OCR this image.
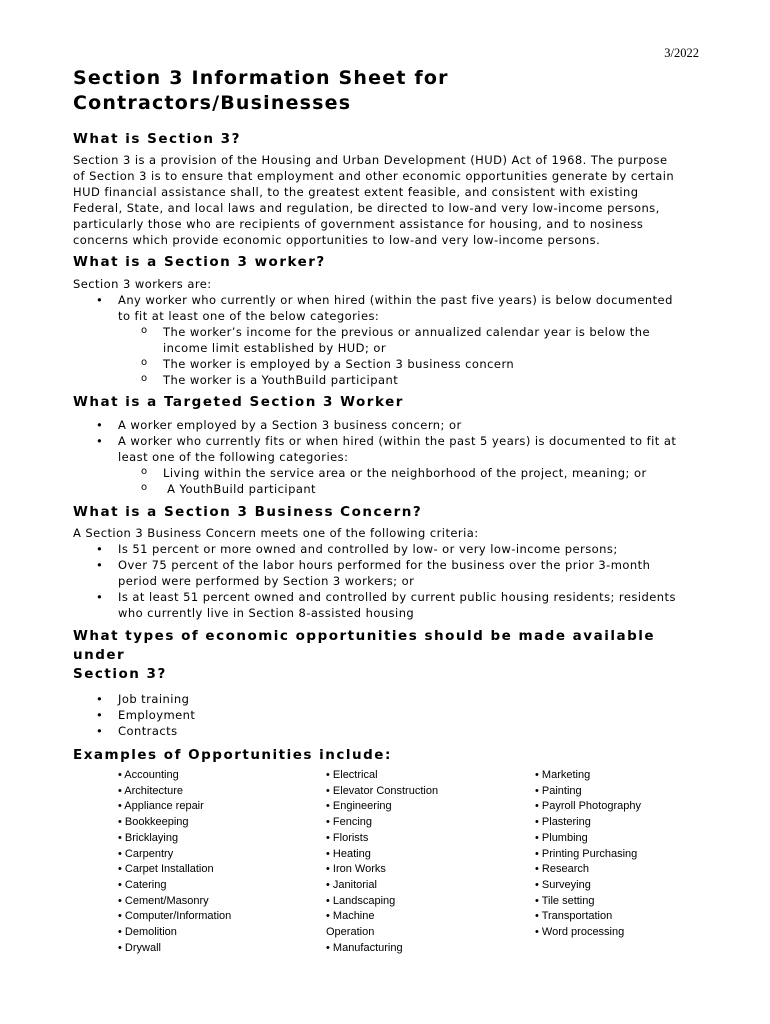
3/2022
Section 3 Information Sheet for
Contractors/Businesses
What is Section 3?

Section 3 is a provision of the Housing and Urban Development (HUD) Act of 1968. The purpose
of Section 3 is to ensure that employment and other economic opportunities generate by certain
HUD financial assistance shall, to the greatest extent feasible, and consistent with existing
Federal, State, and local laws and regulation, be directed to low-and very low-income persons,
particularly those who are recipients of government assistance for housing, and to nosiness
concerns which provide economic opportunities to low-and very low-income persons.

What is a Section 3 worker?

Section 3 workers are:

• Any worker who currently or when hired (within the past five years) is below documented
to fit at least one of the below categories:
o The worker’s income for the previous or annualized calendar year is below the
income limit established by HUD; or
o The worker is employed by a Section 3 business concern
o The worker is a YouthBuild participant
What is a Targeted Section 3 Worker
• A worker employed by a Section 3 business concern; or
• A worker who currently fits or when hired (within the past 5 years) is documented to fit at
least one of the following categories:
o Living within the service area or the neighborhood of the project, meaning; or
o  A YouthBuild participant
What is a Section 3 Business Concern?

A Section 3 Business Concern meets one of the following criteria:

• Is 51 percent or more owned and controlled by low- or very low-income persons;
• Over 75 percent of the labor hours performed for the business over the prior 3-month
period were performed by Section 3 workers; or
• Is at least 51 percent owned and controlled by current public housing residents; residents
who currently live in Section 8-assisted housing
What types of economic opportunities should be made available under
Section 3?
• Job training
• Employment
• Contracts
Examples of Opportunities include:
• Accounting
• Architecture
• Appliance repair
• Bookkeeping
• Bricklaying
• Carpentry
• Carpet Installation
• Catering
• Cement/Masonry
• Computer/Information
• Demolition
• Drywall
• Electrical
• Elevator Construction
• Engineering
• Fencing
• Florists
• Heating
• Iron Works
• Janitorial
• Landscaping
• Machine
Operation
• Manufacturing
• Marketing
• Painting
• Payroll Photography
• Plastering
• Plumbing
• Printing Purchasing
• Research
• Surveying
• Tile setting
• Transportation
• Word processing
